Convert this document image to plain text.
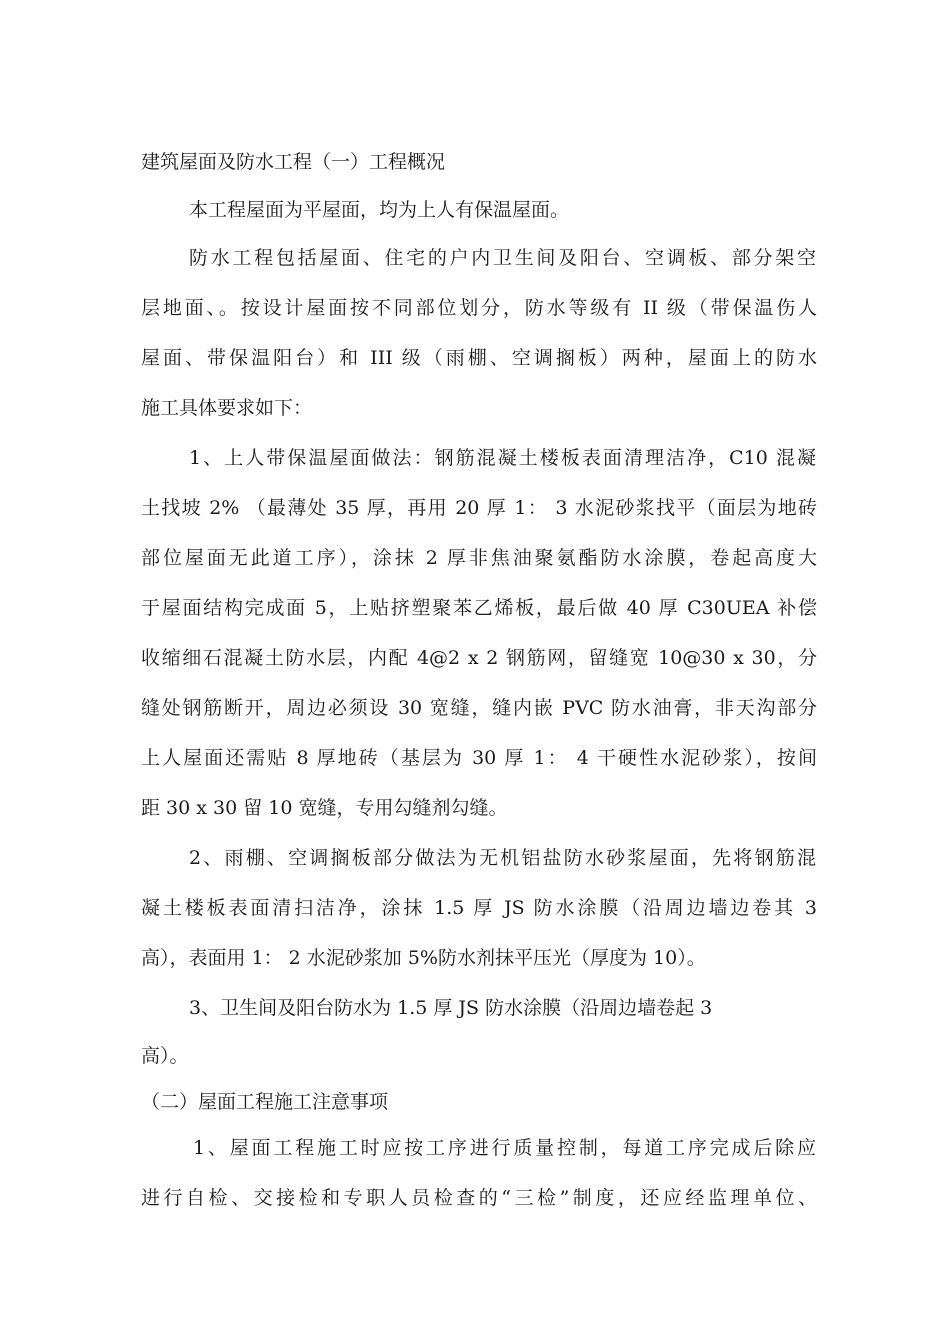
建筑屋面及防水工程（一）工程概况
本工程屋面为平屋面，均为上人有保温屋面。
防水工程包括屋面、住宅的户内卫生间及阳台、空调板、部分架空
层地面、。按设计屋面按不同部位划分，防水等级有 II 级（带保温伤人
屋面、带保温阳台）和 III 级（雨棚、空调搁板）两种，屋面上的防水
施工具体要求如下：
1、上人带保温屋面做法：钢筋混凝土楼板表面清理洁净，C10 混凝
土找坡 2% （最薄处 35 厚，再用 20 厚 1： 3 水泥砂浆找平（面层为地砖
部位屋面无此道工序），涂抹 2 厚非焦油聚氨酯防水涂膜，卷起高度大
于屋面结构完成面 5，上贴挤塑聚苯乙烯板，最后做 40 厚 C30UEA 补偿
收缩细石混凝土防水层，内配 4@2 x 2 钢筋网，留缝宽 10@30 x 30，分
缝处钢筋断开，周边必须设 30 宽缝，缝内嵌 PVC 防水油膏，非天沟部分
上人屋面还需贴 8 厚地砖（基层为 30 厚 1： 4 干硬性水泥砂浆），按间
距 30 x 30 留 10 宽缝，专用勾缝剂勾缝。
2、雨棚、空调搁板部分做法为无机铝盐防水砂浆屋面，先将钢筋混
凝土楼板表面清扫洁净，涂抹 1.5 厚 JS 防水涂膜（沿周边墙边卷其 3
高），表面用 1： 2 水泥砂浆加 5%防水剂抹平压光（厚度为 10）。
3、卫生间及阳台防水为 1.5 厚 JS 防水涂膜（沿周边墙卷起 3
高）。
（二）屋面工程施工注意事项
1、屋面工程施工时应按工序进行质量控制，每道工序完成后除应
进行自检、交接检和专职人员检查的“三检”制度，还应经监理单位、
